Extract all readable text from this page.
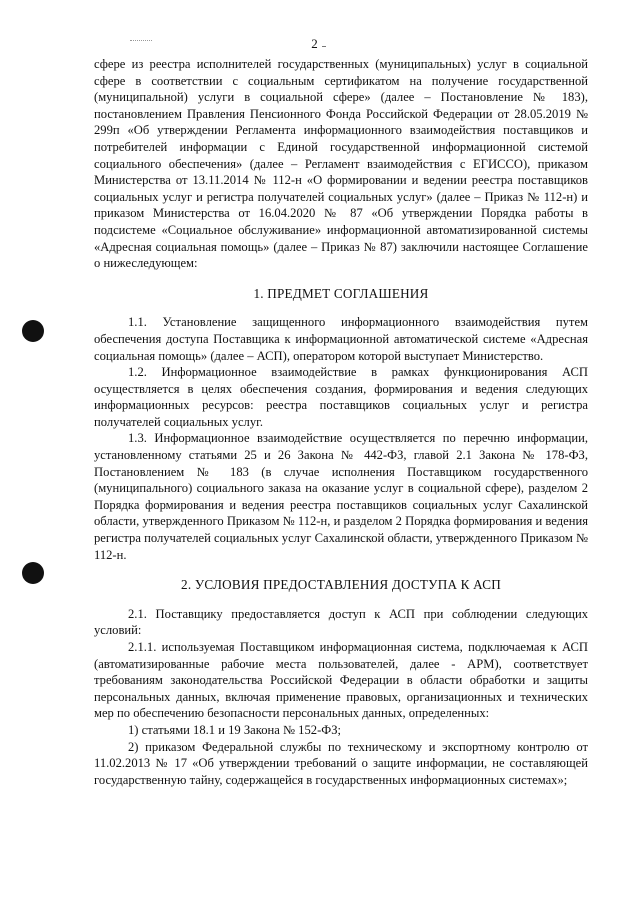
2

сфере из реестра исполнителей государственных (муниципальных) услуг в социальной сфере в соответствии с социальным сертификатом на получение государственной (муниципальной) услуги в социальной сфере» (далее – Постановление № 183), постановлением Правления Пенсионного Фонда Российской Федерации от 28.05.2019 № 299п «Об утверждении Регламента информационного взаимодействия поставщиков и потребителей информации с Единой государственной информационной системой социального обеспечения» (далее – Регламент взаимодействия с ЕГИССО), приказом Министерства от 13.11.2014 № 112-н «О формировании и ведении реестра поставщиков социальных услуг и регистра получателей социальных услуг» (далее – Приказ № 112-н) и приказом Министерства от 16.04.2020 № 87 «Об утверждении Порядка работы в подсистеме «Социальное обслуживание» информационной автоматизированной системы «Адресная социальная помощь» (далее – Приказ № 87) заключили настоящее Соглашение о нижеследующем:

1. ПРЕДМЕТ СОГЛАШЕНИЯ

1.1. Установление защищенного информационного взаимодействия путем обеспечения доступа Поставщика к информационной автоматической системе «Адресная социальная помощь» (далее – АСП), оператором которой выступает Министерство.

1.2. Информационное взаимодействие в рамках функционирования АСП осуществляется в целях обеспечения создания, формирования и ведения следующих информационных ресурсов: реестра поставщиков социальных услуг и регистра получателей социальных услуг.

1.3. Информационное взаимодействие осуществляется по перечню информации, установленному статьями 25 и 26 Закона № 442-ФЗ, главой 2.1 Закона № 178-ФЗ, Постановлением № 183 (в случае исполнения Поставщиком государственного (муниципального) социального заказа на оказание услуг в социальной сфере), разделом 2 Порядка формирования и ведения реестра поставщиков социальных услуг Сахалинской области, утвержденного Приказом № 112-н, и разделом 2 Порядка формирования и ведения регистра получателей социальных услуг Сахалинской области, утвержденного Приказом № 112-н.

2. УСЛОВИЯ ПРЕДОСТАВЛЕНИЯ ДОСТУПА К АСП

2.1. Поставщику предоставляется доступ к АСП при соблюдении следующих условий:

2.1.1. используемая Поставщиком информационная система, подключаемая к АСП (автоматизированные рабочие места пользователей, далее - АРМ), соответствует требованиям законодательства Российской Федерации в области обработки и защиты персональных данных, включая применение правовых, организационных и технических мер по обеспечению безопасности персональных данных, определенных:

1) статьями 18.1 и 19 Закона № 152-ФЗ;

2) приказом Федеральной службы по техническому и экспортному контролю от 11.02.2013 № 17 «Об утверждении требований о защите информации, не составляющей государственную тайну, содержащейся в государственных информационных системах»;
